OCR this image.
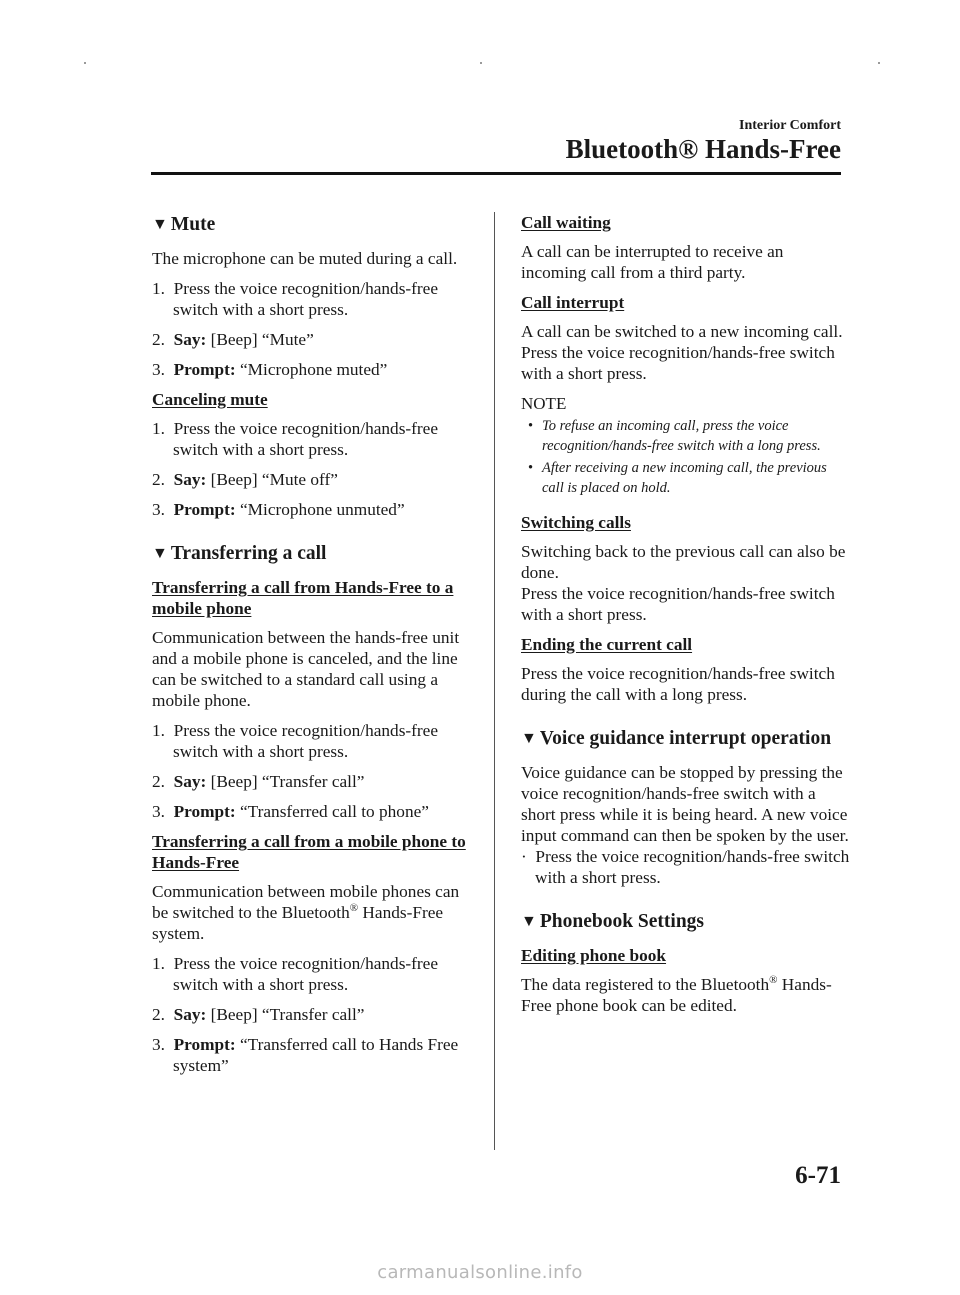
Interior Comfort
Bluetooth® Hands-Free
▼ Mute

The microphone can be muted during a call.

1. Press the voice recognition/hands-free switch with a short press.

2. Say: [Beep] “Mute”

3. Prompt: “Microphone muted”

Canceling mute

1. Press the voice recognition/hands-free switch with a short press.

2. Say: [Beep] “Mute off”

3. Prompt: “Microphone unmuted”

▼ Transferring a call

Transferring a call from Hands-Free to a mobile phone

Communication between the hands-free unit and a mobile phone is canceled, and the line can be switched to a standard call using a mobile phone.

1. Press the voice recognition/hands-free switch with a short press.

2. Say: [Beep] “Transfer call”

3. Prompt: “Transferred call to phone”

Transferring a call from a mobile phone to Hands-Free

Communication between mobile phones can be switched to the Bluetooth® Hands-Free system.

1. Press the voice recognition/hands-free switch with a short press.

2. Say: [Beep] “Transfer call”

3. Prompt: “Transferred call to Hands Free system”

Call waiting

A call can be interrupted to receive an incoming call from a third party.

Call interrupt

A call can be switched to a new incoming call.

Press the voice recognition/hands-free switch with a short press.

NOTE

• To refuse an incoming call, press the voice recognition/hands-free switch with a long press.

• After receiving a new incoming call, the previous call is placed on hold.

Switching calls

Switching back to the previous call can also be done.

Press the voice recognition/hands-free switch with a short press.

Ending the current call

Press the voice recognition/hands-free switch during the call with a long press.

▼ Voice guidance interrupt operation

Voice guidance can be stopped by pressing the voice recognition/hands-free switch with a short press while it is being heard. A new voice input command can then be spoken by the user.

· Press the voice recognition/hands-free switch with a short press.

▼ Phonebook Settings

Editing phone book

The data registered to the Bluetooth® Hands-Free phone book can be edited.

6-71
carmanualsonline.info
